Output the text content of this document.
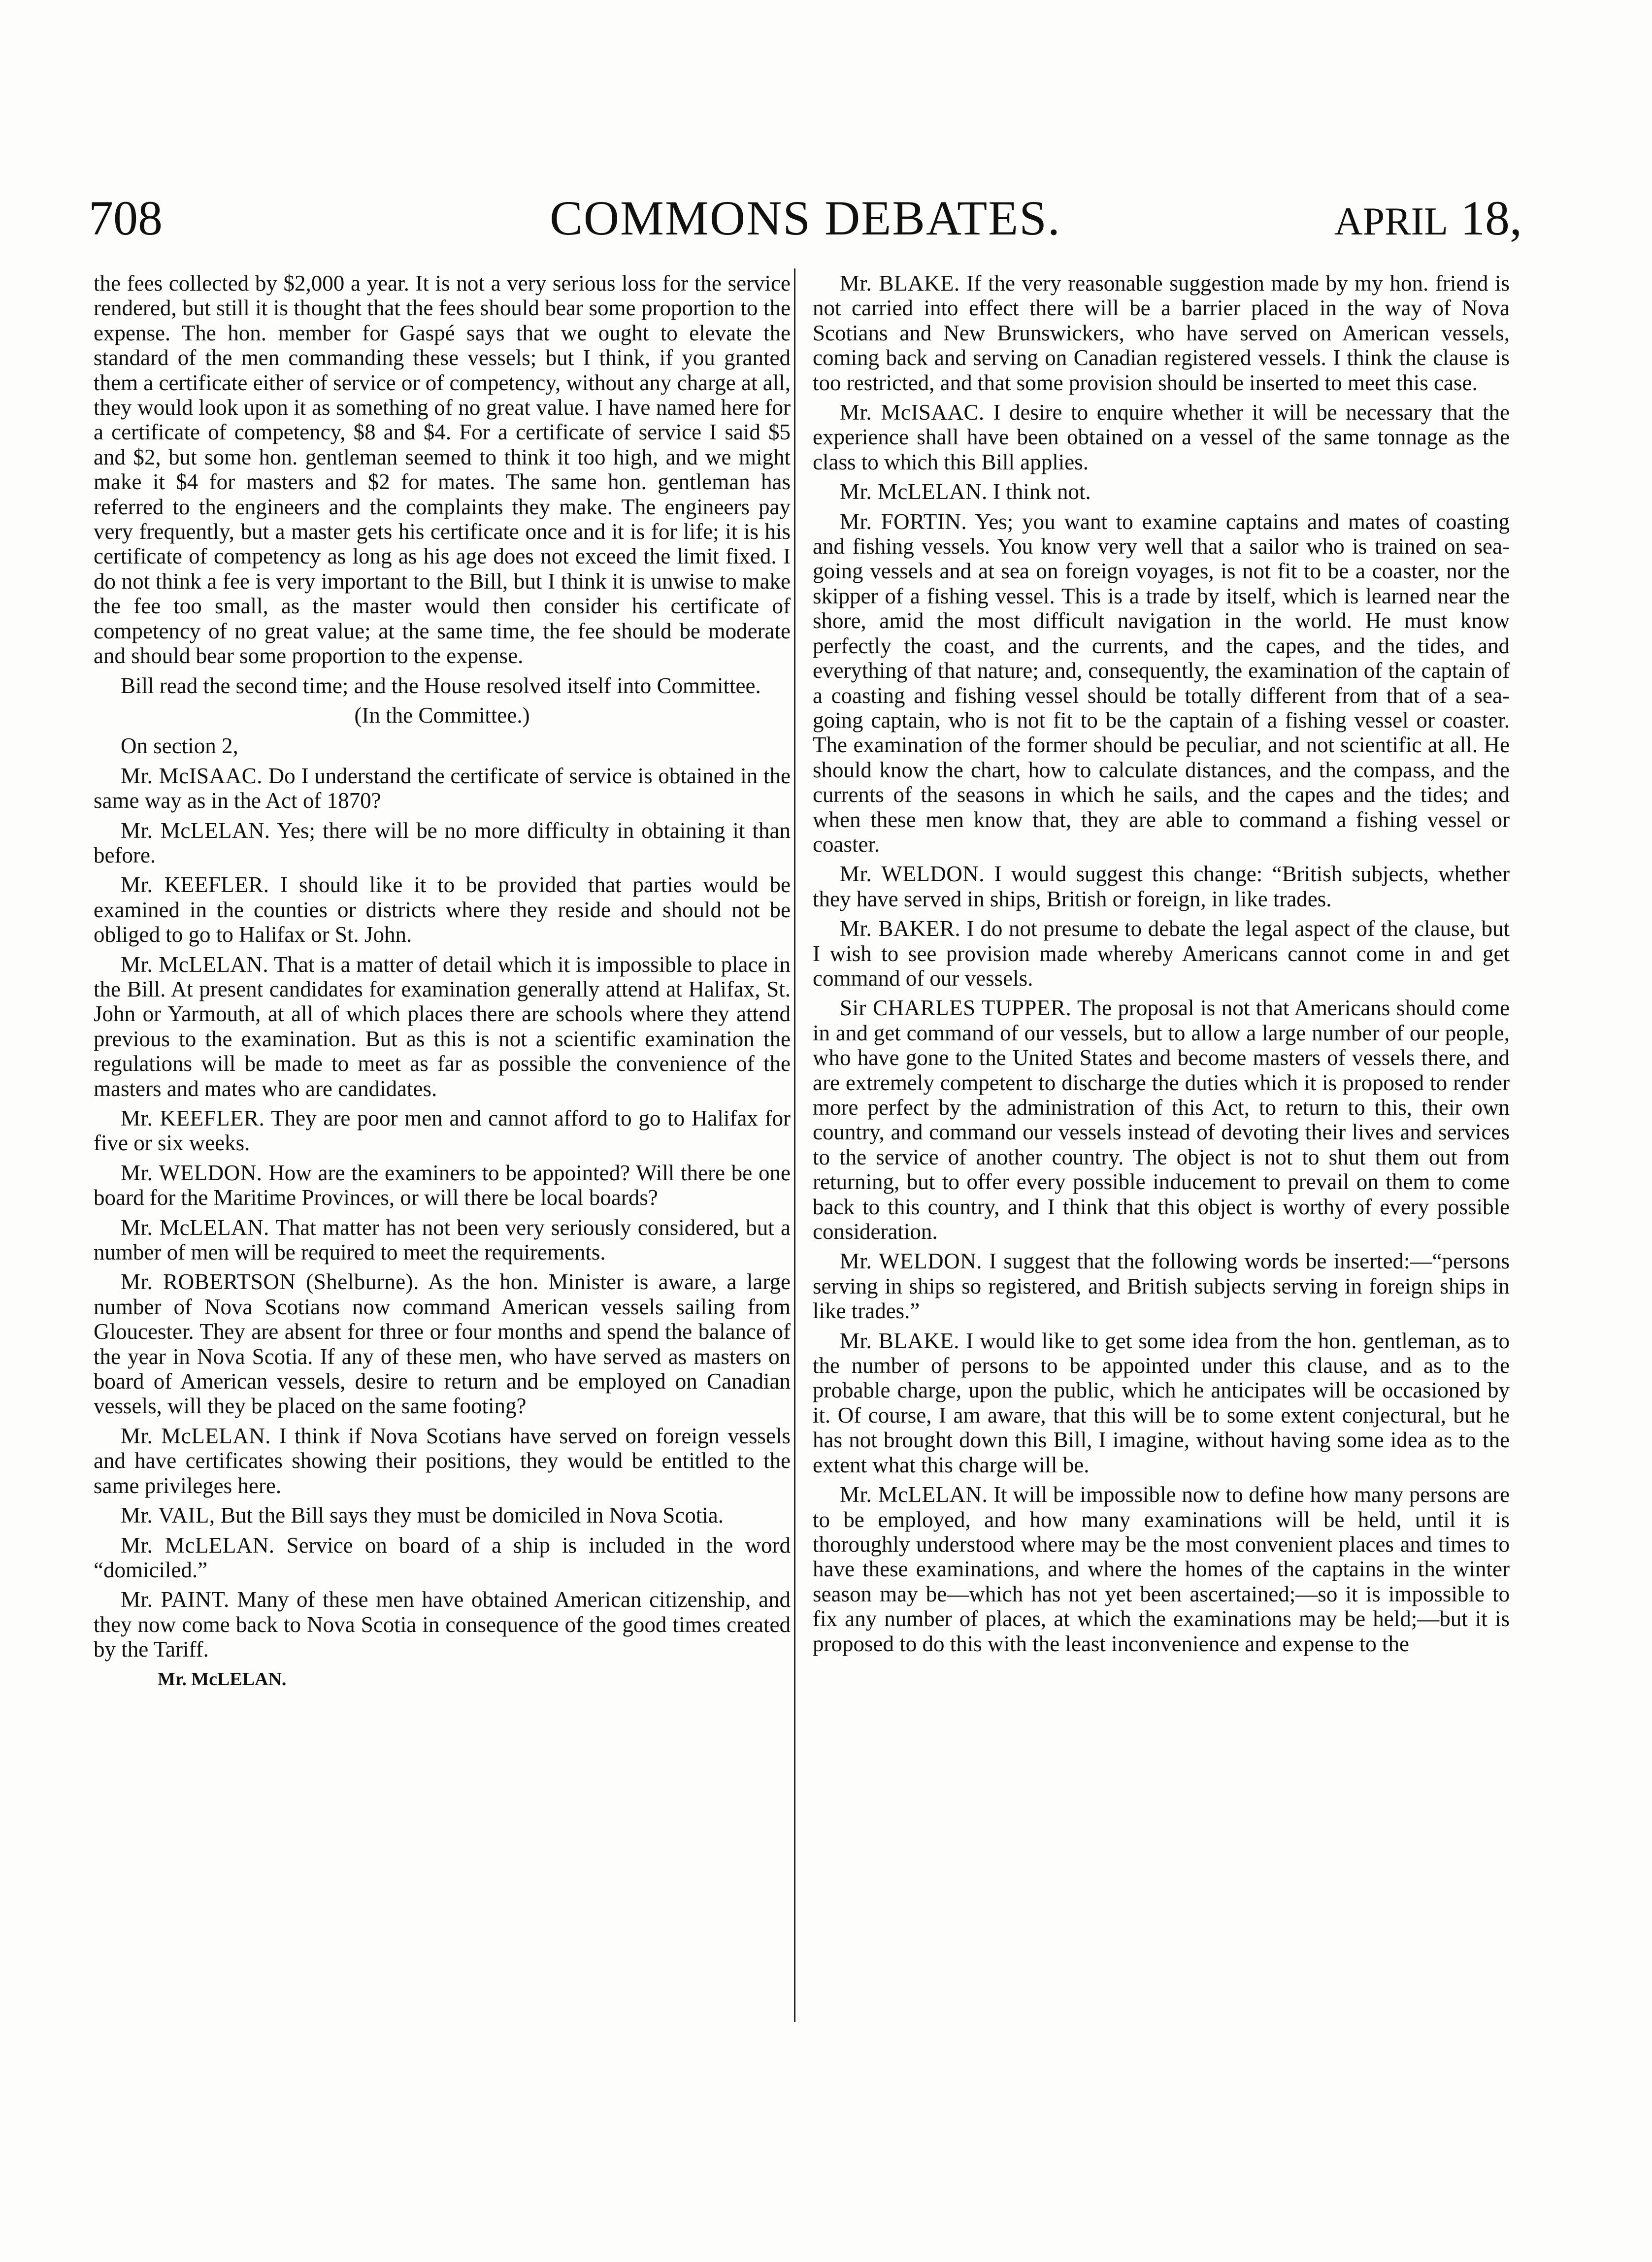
708	COMMONS DEBATES.	APRIL 18,

the fees collected by $2,000 a year. It is not a very serious loss for the service rendered, but still it is thought that the fees should bear some proportion to the expense. The hon. member for Gaspé says that we ought to elevate the standard of the men commanding these vessels; but I think, if you granted them a certificate either of service or of competency, without any charge at all, they would look upon it as something of no great value. I have named here for a certificate of competency, $8 and $4. For a certificate of service I said $5 and $2, but some hon. gentleman seemed to think it too high, and we might make it $4 for masters and $2 for mates. The same hon. gentleman has referred to the engineers and the complaints they make. The engineers pay very frequently, but a master gets his certificate once and it is for life; it is his certificate of competency as long as his age does not exceed the limit fixed. I do not think a fee is very important to the Bill, but I think it is unwise to make the fee too small, as the master would then consider his certificate of competency of no great value; at the same time, the fee should be moderate and should bear some proportion to the expense.

Bill read the second time; and the House resolved itself into Committee.

(In the Committee.)

On section 2,

Mr. McISAAC. Do I understand the certificate of service is obtained in the same way as in the Act of 1870?

Mr. McLELAN. Yes; there will be no more difficulty in obtaining it than before.

Mr. KEEFLER. I should like it to be provided that parties would be examined in the counties or districts where they reside and should not be obliged to go to Halifax or St. John.

Mr. McLELAN. That is a matter of detail which it is impossible to place in the Bill. At present candidates for examination generally attend at Halifax, St. John or Yarmouth, at all of which places there are schools where they attend previous to the examination. But as this is not a scientific examination the regulations will be made to meet as far as possible the convenience of the masters and mates who are candidates.

Mr. KEEFLER. They are poor men and cannot afford to go to Halifax for five or six weeks.

Mr. WELDON. How are the examiners to be appointed? Will there be one board for the Maritime Provinces, or will there be local boards?

Mr. McLELAN. That matter has not been very seriously considered, but a number of men will be required to meet the requirements.

Mr. ROBERTSON (Shelburne). As the hon. Minister is aware, a large number of Nova Scotians now command American vessels sailing from Gloucester. They are absent for three or four months and spend the balance of the year in Nova Scotia. If any of these men, who have served as masters on board of American vessels, desire to return and be employed on Canadian vessels, will they be placed on the same footing?

Mr. McLELAN. I think if Nova Scotians have served on foreign vessels and have certificates showing their positions, they would be entitled to the same privileges here.

Mr. VAIL, But the Bill says they must be domiciled in Nova Scotia.

Mr. McLELAN. Service on board of a ship is included in the word “domiciled.”

Mr. PAINT. Many of these men have obtained American citizenship, and they now come back to Nova Scotia in consequence of the good times created by the Tariff.

Mr. McLELAN.

Mr. BLAKE. If the very reasonable suggestion made by my hon. friend is not carried into effect there will be a barrier placed in the way of Nova Scotians and New Brunswickers, who have served on American vessels, coming back and serving on Canadian registered vessels. I think the clause is too restricted, and that some provision should be inserted to meet this case.

Mr. McISAAC. I desire to enquire whether it will be necessary that the experience shall have been obtained on a vessel of the same tonnage as the class to which this Bill applies.

Mr. McLELAN. I think not.

Mr. FORTIN. Yes; you want to examine captains and mates of coasting and fishing vessels. You know very well that a sailor who is trained on sea-going vessels and at sea on foreign voyages, is not fit to be a coaster, nor the skipper of a fishing vessel. This is a trade by itself, which is learned near the shore, amid the most difficult navigation in the world. He must know perfectly the coast, and the currents, and the capes, and the tides, and everything of that nature; and, consequently, the examination of the captain of a coasting and fishing vessel should be totally different from that of a sea-going captain, who is not fit to be the captain of a fishing vessel or coaster. The examination of the former should be peculiar, and not scientific at all. He should know the chart, how to calculate distances, and the compass, and the currents of the seasons in which he sails, and the capes and the tides; and when these men know that, they are able to command a fishing vessel or coaster.

Mr. WELDON. I would suggest this change: “British subjects, whether they have served in ships, British or foreign, in like trades.

Mr. BAKER. I do not presume to debate the legal aspect of the clause, but I wish to see provision made whereby Americans cannot come in and get command of our vessels.

Sir CHARLES TUPPER. The proposal is not that Americans should come in and get command of our vessels, but to allow a large number of our people, who have gone to the United States and become masters of vessels there, and are extremely competent to discharge the duties which it is proposed to render more perfect by the administration of this Act, to return to this, their own country, and command our vessels instead of devoting their lives and services to the service of another country. The object is not to shut them out from returning, but to offer every possible inducement to prevail on them to come back to this country, and I think that this object is worthy of every possible consideration.

Mr. WELDON. I suggest that the following words be inserted:—“persons serving in ships so registered, and British subjects serving in foreign ships in like trades.”

Mr. BLAKE. I would like to get some idea from the hon. gentleman, as to the number of persons to be appointed under this clause, and as to the probable charge, upon the public, which he anticipates will be occasioned by it. Of course, I am aware, that this will be to some extent conjectural, but he has not brought down this Bill, I imagine, without having some idea as to the extent what this charge will be.

Mr. McLELAN. It will be impossible now to define how many persons are to be employed, and how many examinations will be held, until it is thoroughly understood where may be the most convenient places and times to have these examinations, and where the homes of the captains in the winter season may be—which has not yet been ascertained;—so it is impossible to fix any number of places, at which the examinations may be held;—but it is proposed to do this with the least inconvenience and expense to the
